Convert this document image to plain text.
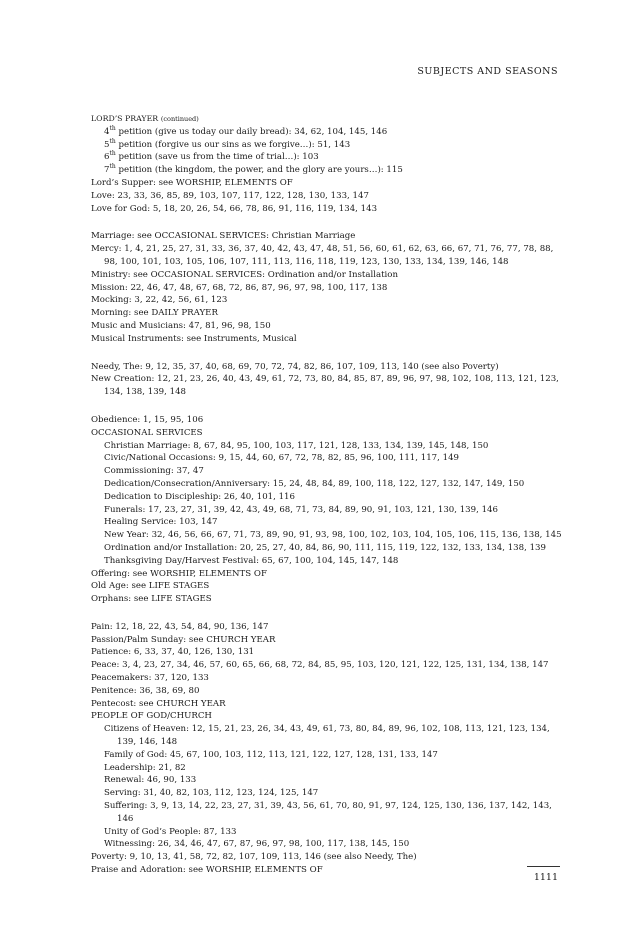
SUBJECTS AND SEASONS
LORD’S PRAYER (continued)
4th petition (give us today our daily bread): 34, 62, 104, 145, 146
5th petition (forgive us our sins as we forgive…): 51, 143
6th petition (save us from the time of trial…): 103
7th petition (the kingdom, the power, and the glory are yours…): 115
Lord’s Supper: see WORSHIP, ELEMENTS OF
Love: 23, 33, 36, 85, 89, 103, 107, 117, 122, 128, 130, 133, 147
Love for God: 5, 18, 20, 26, 54, 66, 78, 86, 91, 116, 119, 134, 143
Marriage: see OCCASIONAL SERVICES: Christian Marriage
Mercy: 1, 4, 21, 25, 27, 31, 33, 36, 37, 40, 42, 43, 47, 48, 51, 56, 60, 61, 62, 63, 66, 67, 71, 76, 77, 78, 88, 98, 100, 101, 103, 105, 106, 107, 111, 113, 116, 118, 119, 123, 130, 133, 134, 139, 146, 148
Ministry: see OCCASIONAL SERVICES: Ordination and/or Installation
Mission: 22, 46, 47, 48, 67, 68, 72, 86, 87, 96, 97, 98, 100, 117, 138
Mocking: 3, 22, 42, 56, 61, 123
Morning: see DAILY PRAYER
Music and Musicians: 47, 81, 96, 98, 150
Musical Instruments: see Instruments, Musical
Needy, The: 9, 12, 35, 37, 40, 68, 69, 70, 72, 74, 82, 86, 107, 109, 113, 140 (see also Poverty)
New Creation: 12, 21, 23, 26, 40, 43, 49, 61, 72, 73, 80, 84, 85, 87, 89, 96, 97, 98, 102, 108, 113, 121, 123, 134, 138, 139, 148
Obedience: 1, 15, 95, 106
OCCASIONAL SERVICES
Christian Marriage: 8, 67, 84, 95, 100, 103, 117, 121, 128, 133, 134, 139, 145, 148, 150
Civic/National Occasions: 9, 15, 44, 60, 67, 72, 78, 82, 85, 96, 100, 111, 117, 149
Commissioning: 37, 47
Dedication/Consecration/Anniversary: 15, 24, 48, 84, 89, 100, 118, 122, 127, 132, 147, 149, 150
Dedication to Discipleship: 26, 40, 101, 116
Funerals: 17, 23, 27, 31, 39, 42, 43, 49, 68, 71, 73, 84, 89, 90, 91, 103, 121, 130, 139, 146
Healing Service: 103, 147
New Year: 32, 46, 56, 66, 67, 71, 73, 89, 90, 91, 93, 98, 100, 102, 103, 104, 105, 106, 115, 136, 138, 145
Ordination and/or Installation: 20, 25, 27, 40, 84, 86, 90, 111, 115, 119, 122, 132, 133, 134, 138, 139
Thanksgiving Day/Harvest Festival: 65, 67, 100, 104, 145, 147, 148
Offering: see WORSHIP, ELEMENTS OF
Old Age: see LIFE STAGES
Orphans: see LIFE STAGES
Pain: 12, 18, 22, 43, 54, 84, 90, 136, 147
Passion/Palm Sunday: see CHURCH YEAR
Patience: 6, 33, 37, 40, 126, 130, 131
Peace: 3, 4, 23, 27, 34, 46, 57, 60, 65, 66, 68, 72, 84, 85, 95, 103, 120, 121, 122, 125, 131, 134, 138, 147
Peacemakers: 37, 120, 133
Penitence: 36, 38, 69, 80
Pentecost: see CHURCH YEAR
PEOPLE OF GOD/CHURCH
Citizens of Heaven: 12, 15, 21, 23, 26, 34, 43, 49, 61, 73, 80, 84, 89, 96, 102, 108, 113, 121, 123, 134, 139, 146, 148
Family of God: 45, 67, 100, 103, 112, 113, 121, 122, 127, 128, 131, 133, 147
Leadership: 21, 82
Renewal: 46, 90, 133
Serving: 31, 40, 82, 103, 112, 123, 124, 125, 147
Suffering: 3, 9, 13, 14, 22, 23, 27, 31, 39, 43, 56, 61, 70, 80, 91, 97, 124, 125, 130, 136, 137, 142, 143, 146
Unity of God’s People: 87, 133
Witnessing: 26, 34, 46, 47, 67, 87, 96, 97, 98, 100, 117, 138, 145, 150
Poverty: 9, 10, 13, 41, 58, 72, 82, 107, 109, 113, 146 (see also Needy, The)
Praise and Adoration: see WORSHIP, ELEMENTS OF
1111
